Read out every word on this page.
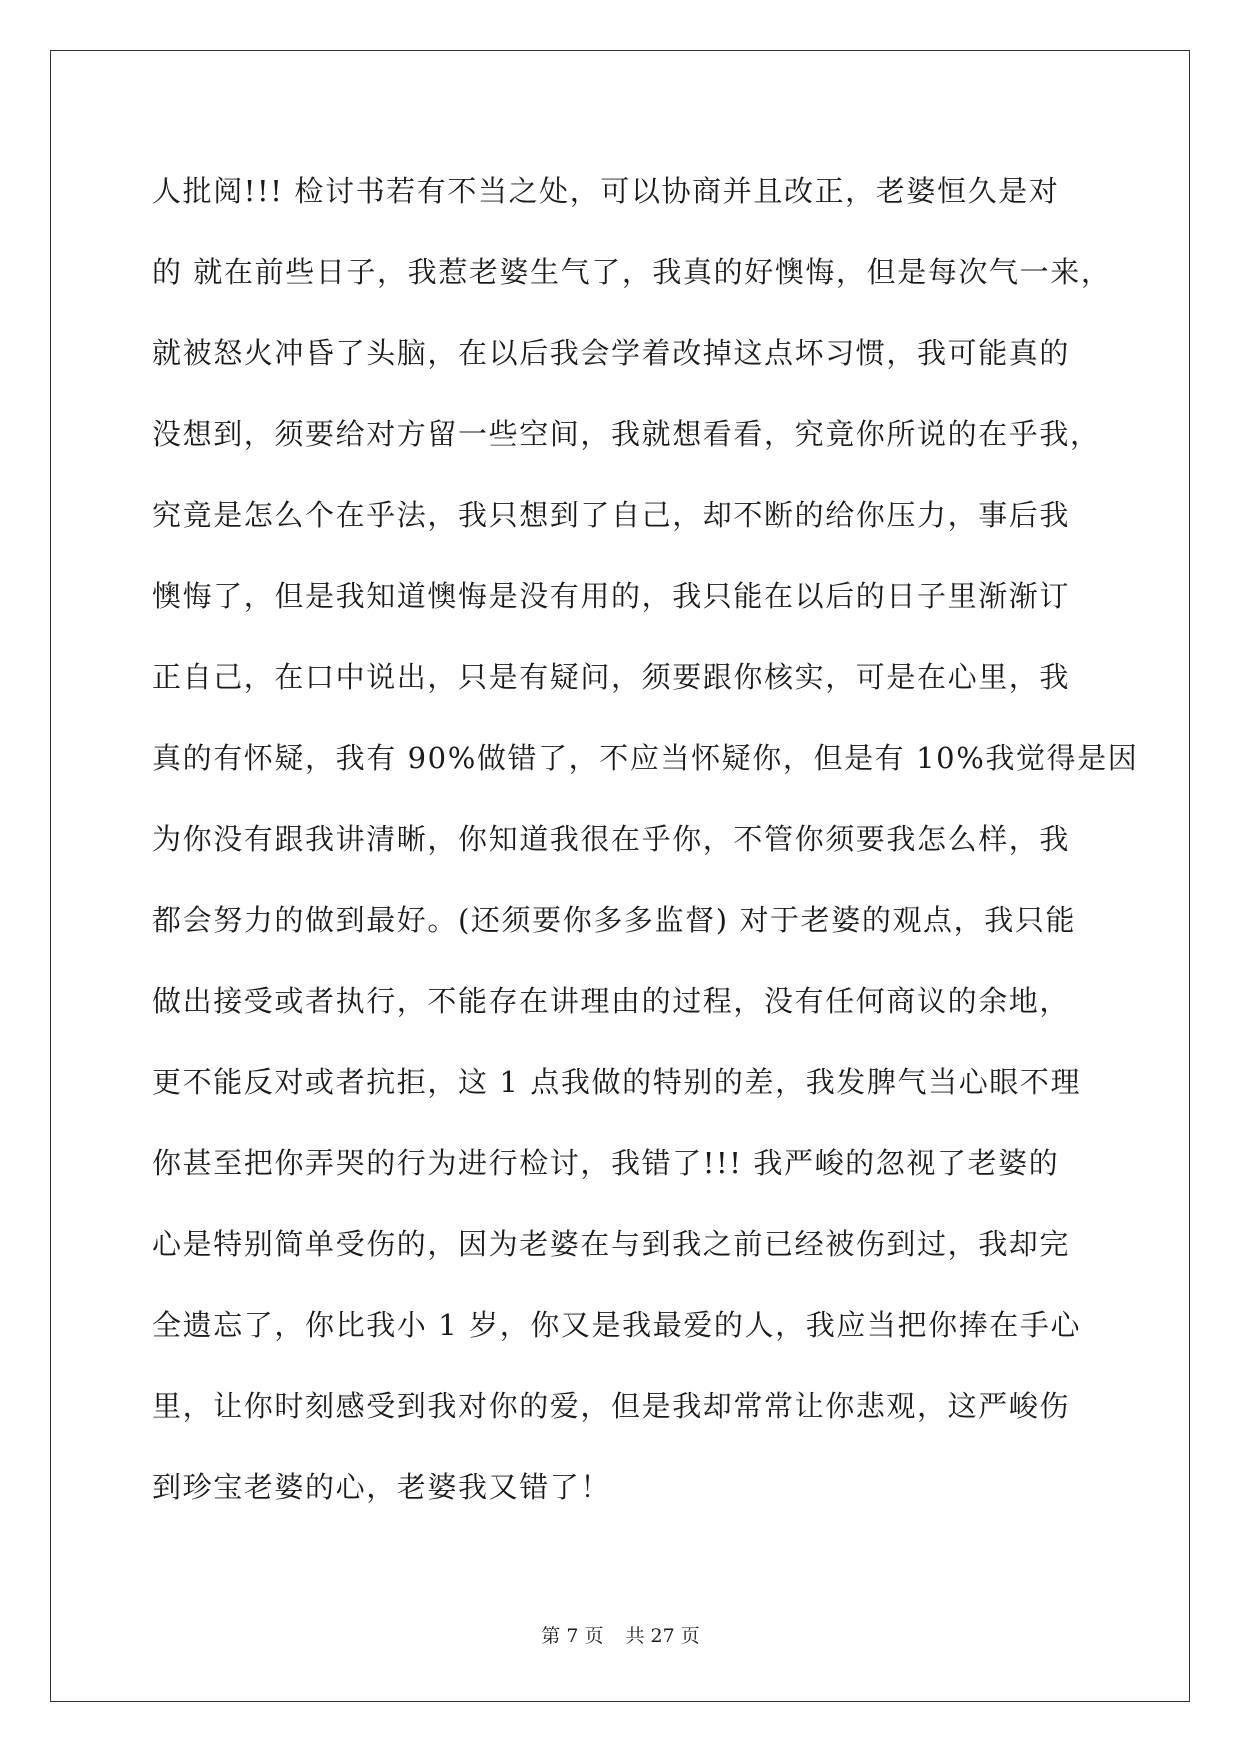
人批阅!!! 检讨书若有不当之处，可以协商并且改正，老婆恒久是对
的 就在前些日子，我惹老婆生气了，我真的好懊悔，但是每次气一来，
就被怒火冲昏了头脑，在以后我会学着改掉这点坏习惯，我可能真的
没想到，须要给对方留一些空间，我就想看看，究竟你所说的在乎我，
究竟是怎么个在乎法，我只想到了自己，却不断的给你压力，事后我
懊悔了，但是我知道懊悔是没有用的，我只能在以后的日子里渐渐订
正自己，在口中说出，只是有疑问，须要跟你核实，可是在心里，我
真的有怀疑，我有 90%做错了，不应当怀疑你，但是有 10%我觉得是因
为你没有跟我讲清晰，你知道我很在乎你，不管你须要我怎么样，我
都会努力的做到最好。(还须要你多多监督) 对于老婆的观点，我只能
做出接受或者执行，不能存在讲理由的过程，没有任何商议的余地，
更不能反对或者抗拒，这 1 点我做的特别的差，我发脾气当心眼不理
你甚至把你弄哭的行为进行检讨，我错了!!! 我严峻的忽视了老婆的
心是特别简单受伤的，因为老婆在与到我之前已经被伤到过，我却完
全遗忘了，你比我小 1 岁，你又是我最爱的人，我应当把你捧在手心
里，让你时刻感受到我对你的爱，但是我却常常让你悲观，这严峻伤
到珍宝老婆的心，老婆我又错了！
第 7 页 共 27 页
